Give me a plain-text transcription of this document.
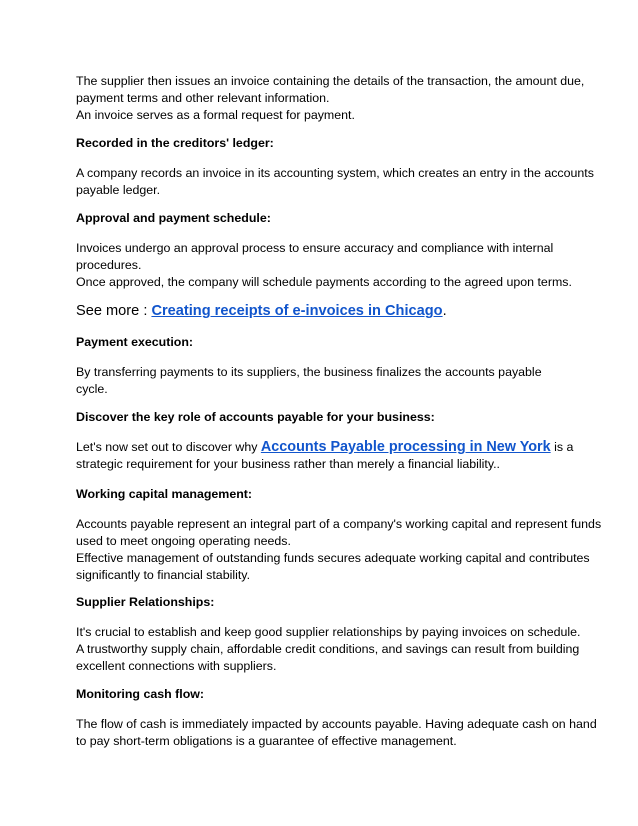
The supplier then issues an invoice containing the details of the transaction, the amount due,
payment terms and other relevant information.
An invoice serves as a formal request for payment.

Recorded in the creditors' ledger:

A company records an invoice in its accounting system, which creates an entry in the accounts
payable ledger.

Approval and payment schedule:

Invoices undergo an approval process to ensure accuracy and compliance with internal
procedures.
Once approved, the company will schedule payments according to the agreed upon terms.

See more : Creating receipts of e-invoices in Chicago.

Payment execution:

By transferring payments to its suppliers, the business finalizes the accounts payable cycle.

Discover the key role of accounts payable for your business:

Let's now set out to discover why Accounts Payable processing in New York is a
strategic requirement for your business rather than merely a financial liability..

Working capital management:

Accounts payable represent an integral part of a company's working capital and represent funds
used to meet ongoing operating needs.
Effective management of outstanding funds secures adequate working capital and contributes
significantly to financial stability.

Supplier Relationships:

It's crucial to establish and keep good supplier relationships by paying invoices on schedule.
A trustworthy supply chain, affordable credit conditions, and savings can result from building
excellent connections with suppliers.

Monitoring cash flow:

The flow of cash is immediately impacted by accounts payable. Having adequate cash on hand
to pay short-term obligations is a guarantee of effective management.
